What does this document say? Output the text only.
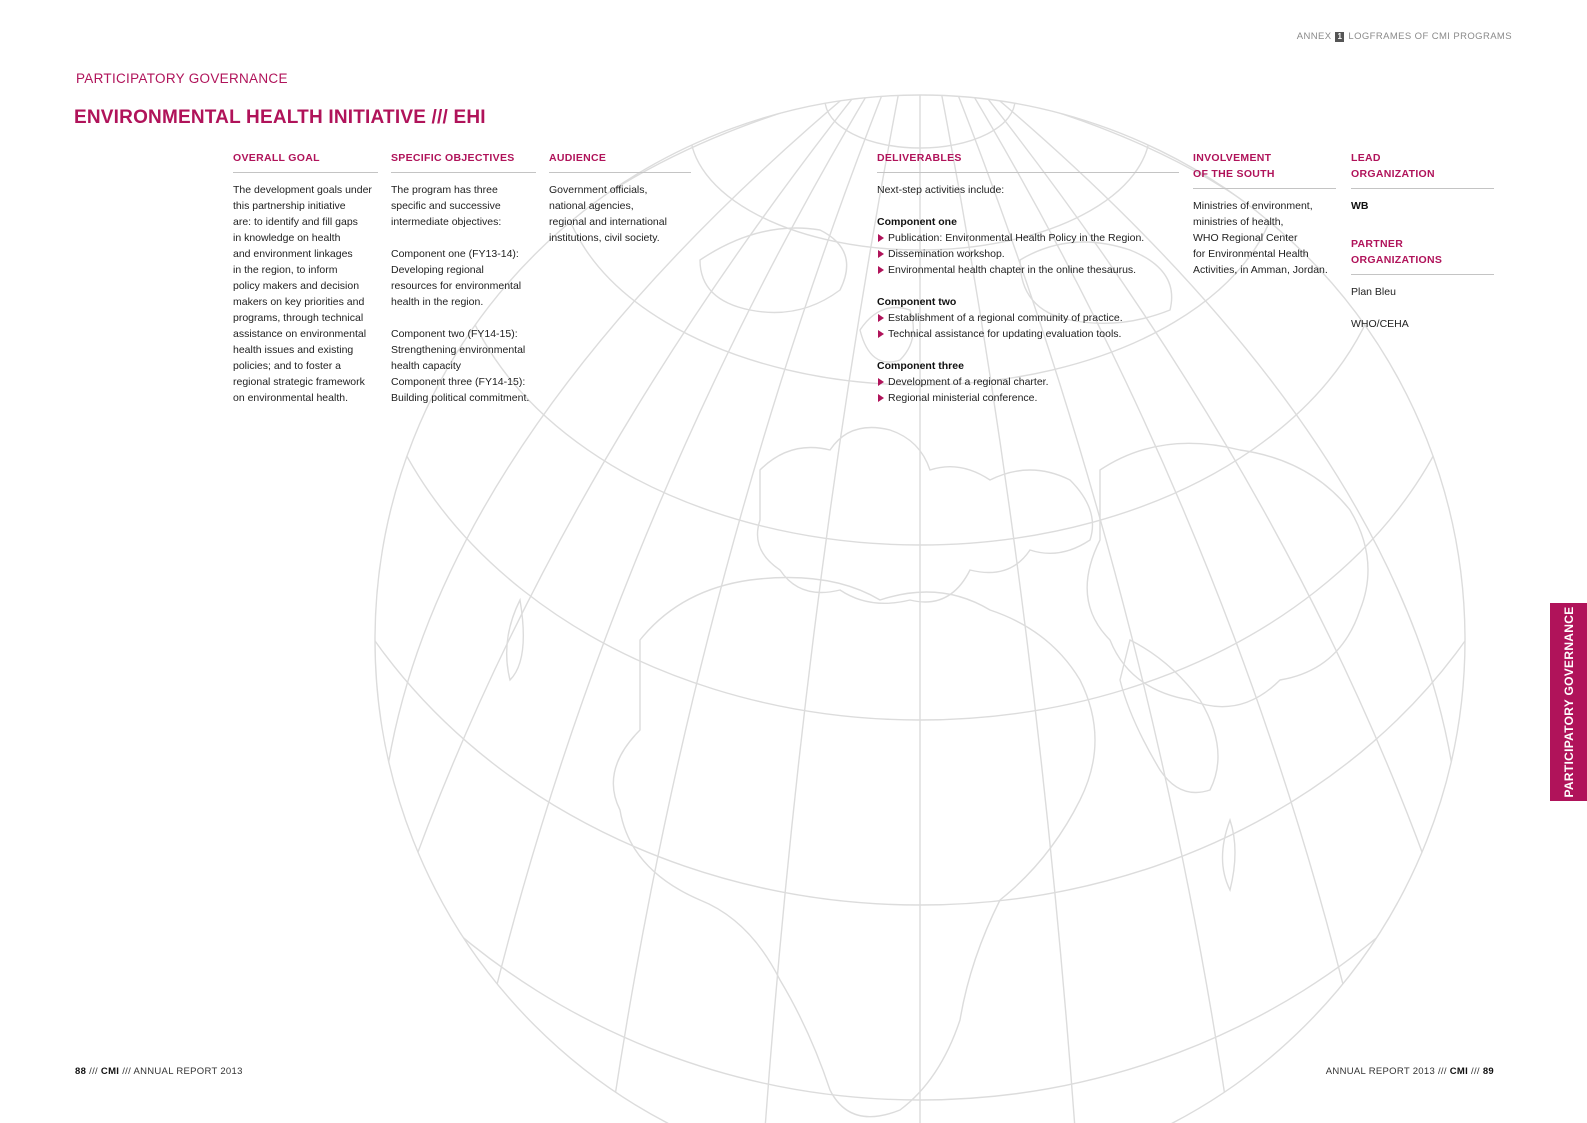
ANNEX 1 LOGFRAMES OF CMI PROGRAMS
PARTICIPATORY GOVERNANCE
ENVIRONMENTAL HEALTH INITIATIVE /// EHI
OVERALL GOAL

The development goals under

this partnership initiative

are: to identify and fill gaps

in knowledge on health

and environment linkages

in the region, to inform

policy makers and decision

makers on key priorities and

programs, through technical

assistance on environmental

health issues and existing

policies; and to foster a

regional strategic framework

on environmental health.

SPECIFIC OBJECTIVES

The program has three

specific and successive

intermediate objectives:

Component one (FY13-14):

Developing regional

resources for environmental

health in the region.

Component two (FY14-15):

Strengthening environmental

health capacity

Component three (FY14-15):

Building political commitment.

AUDIENCE

Government officials,

national agencies,

regional and international

institutions, civil society.

DELIVERABLES

Next-step activities include:

Component one

Publication: Environmental Health Policy in the Region.
Dissemination workshop.
Environmental health chapter in the online thesaurus.

Component two

Establishment of a regional community of practice.
Technical assistance for updating evaluation tools.

Component three

Development of a regional charter.
Regional ministerial conference.
INVOLVEMENT
OF THE SOUTH

Ministries of environment,

ministries of health,

WHO Regional Center

for Environmental Health

Activities, in Amman, Jordan.

LEAD
ORGANIZATION

WB

PARTNER
ORGANIZATIONS

Plan Bleu

WHO/CEHA

88 /// CMI /// ANNUAL REPORT 2013	ANNUAL REPORT 2013 /// CMI /// 89
PARTICIPATORY GOVERNANCE
